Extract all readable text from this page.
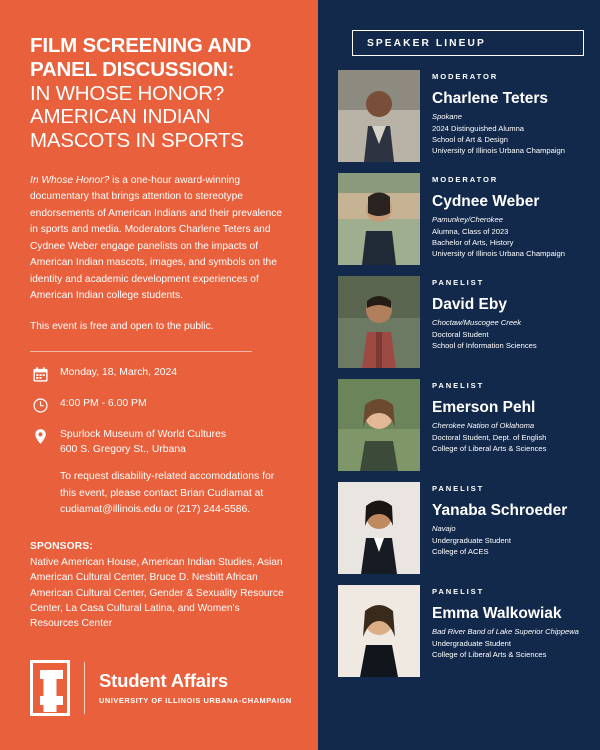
FILM SCREENING AND PANEL DISCUSSION:
IN WHOSE HONOR?
AMERICAN INDIAN
MASCOTS IN SPORTS

In Whose Honor? is a one-hour award-winning documentary that brings attention to stereotype endorsements of American Indians and their prevalence in sports and media. Moderators Charlene Teters and Cydnee Weber engage panelists on the impacts of American Indian mascots, images, and symbols on the identity and academic development experiences of American Indian college students.

This event is free and open to the public.

Monday, 18, March, 2024
4:00 PM - 6.00 PM
Spurlock Museum of World Cultures
600 S. Gregory St., Urbana

To request disability-related accomodations for this event, please contact Brian Cudiamat at cudiamat@illinois.edu or (217) 244-5586.

SPONSORS:
Native American House, American Indian Studies, Asian American Cultural Center, Bruce D. Nesbitt African American Cultural Center, Gender & Sexuality Resource Center, La Casa Cultural Latina, and Women's Resources Center
Student Affairs
UNIVERSITY OF ILLINOIS URBANA-CHAMPAIGN
SPEAKER LINEUP
MODERATOR
Charlene Teters
Spokane
2024 Distinguished Alumna
School of Art & Design
University of Illinois Urbana Champaign
MODERATOR
Cydnee Weber
Pamunkey/Cherokee
Alumna, Class of 2023
Bachelor of Arts, History
University of Illinois Urbana Champaign
PANELIST
David Eby
Choctaw/Muscogee Creek
Doctoral Student
School of Information Sciences
PANELIST
Emerson Pehl
Cherokee Nation of Oklahoma
Doctoral Student, Dept. of English
College of Liberal Arts & Sciences
PANELIST
Yanaba Schroeder
Navajo
Undergraduate Student
College of ACES
PANELIST
Emma Walkowiak
Bad River Band of Lake Superior Chippewa
Undergraduate Student
College of Liberal Arts & Sciences
